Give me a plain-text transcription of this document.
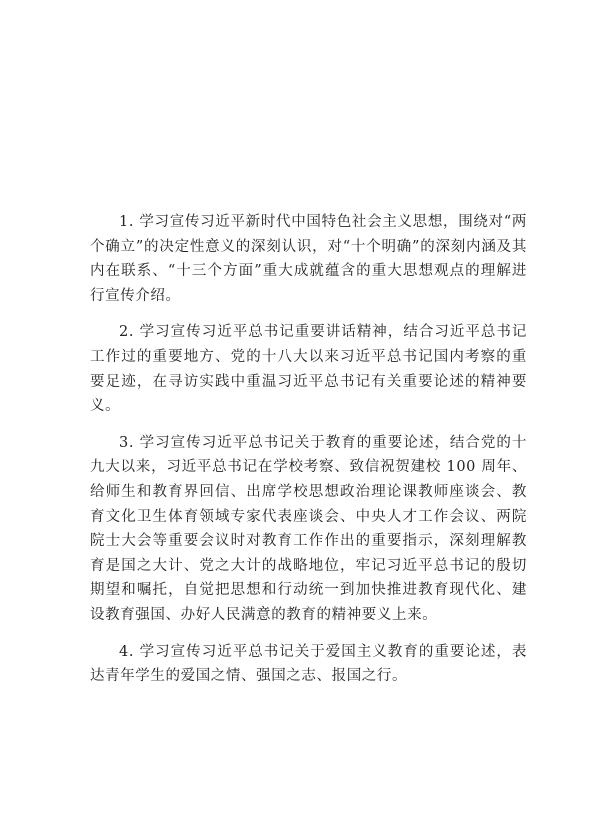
1. 学习宣传习近平新时代中国特色社会主义思想，围绕对“两个确立”的决定性意义的深刻认识，对“十个明确”的深刻内涵及其内在联系、“十三个方面”重大成就蕴含的重大思想观点的理解进行宣传介绍。

2. 学习宣传习近平总书记重要讲话精神，结合习近平总书记工作过的重要地方、党的十八大以来习近平总书记国内考察的重要足迹，在寻访实践中重温习近平总书记有关重要论述的精神要义。

3. 学习宣传习近平总书记关于教育的重要论述，结合党的十九大以来，习近平总书记在学校考察、致信祝贺建校 100 周年、给师生和教育界回信、出席学校思想政治理论课教师座谈会、教育文化卫生体育领域专家代表座谈会、中央人才工作会议、两院院士大会等重要会议时对教育工作作出的重要指示，深刻理解教育是国之大计、党之大计的战略地位，牢记习近平总书记的殷切期望和嘱托，自觉把思想和行动统一到加快推进教育现代化、建设教育强国、办好人民满意的教育的精神要义上来。

4. 学习宣传习近平总书记关于爱国主义教育的重要论述，表达青年学生的爱国之情、强国之志、报国之行。
